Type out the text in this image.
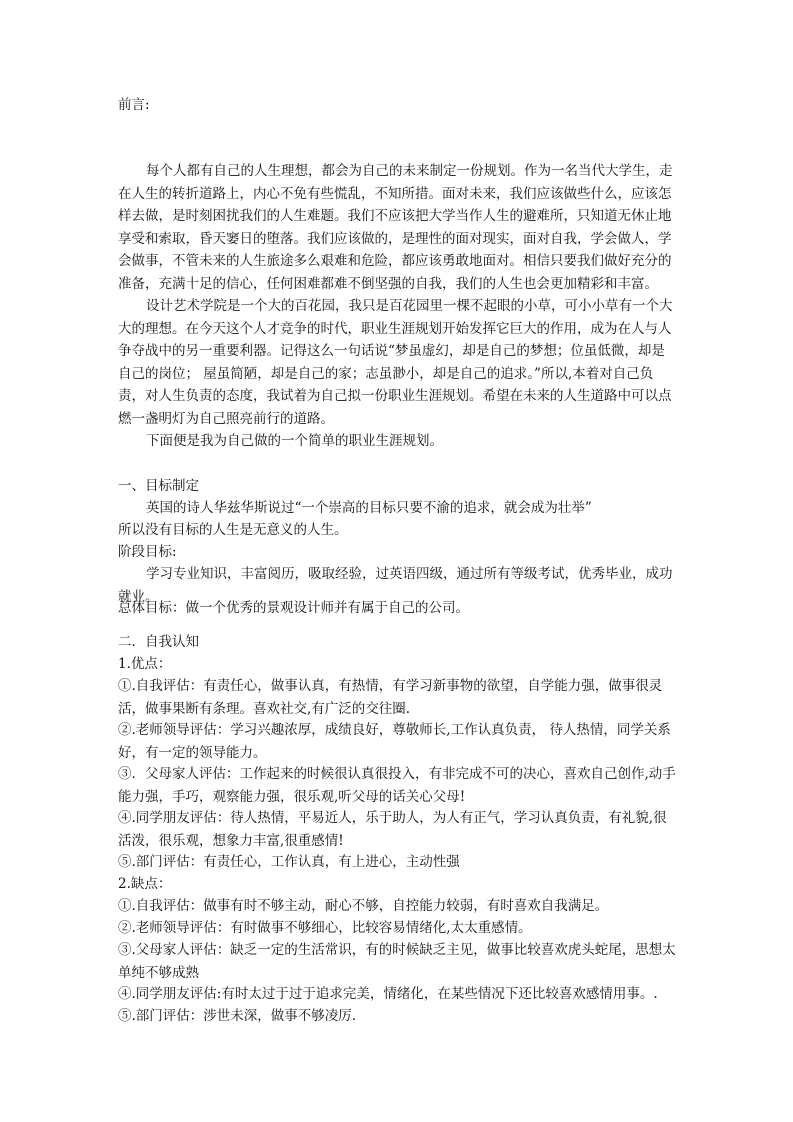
前言:

每个人都有自己的人生理想，都会为自己的未来制定一份规划。作为一名当代大学生，走在人生的转折道路上，内心不免有些慌乱，不知所措。面对未来，我们应该做些什么，应该怎样去做，是时刻困扰我们的人生难题。我们不应该把大学当作人生的避难所，只知道无休止地享受和索取，昏天窭日的堕落。我们应该做的，是理性的面对现实，面对自我，学会做人，学会做事，不管未来的人生旅途多么艰难和危险，都应该勇敢地面对。相信只要我们做好充分的准备，充满十足的信心，任何困难都难不倒坚强的自我，我们的人生也会更加精彩和丰富。

设计艺术学院是一个大的百花园，我只是百花园里一棵不起眼的小草，可小小草有一个大大的理想。在今天这个人才竞争的时代，职业生涯规划开始发挥它巨大的作用，成为在人与人争夺战中的另一重要利器。记得这么一句话说“梦虽虚幻，却是自己的梦想；位虽低微，却是自己的岗位； 屋虽简陋，却是自己的家；志虽渺小，却是自己的追求。”所以,本着对自己负责，对人生负责的态度，我试着为自己拟一份职业生涯规划。希望在未来的人生道路中可以点燃一盏明灯为自己照亮前行的道路。

下面便是我为自己做的一个简单的职业生涯规划。

一、目标制定

英国的诗人华兹华斯说过“一个崇高的目标只要不渝的追求，就会成为壮举”

所以没有目标的人生是无意义的人生。

阶段目标:

学习专业知识，丰富阅历，吸取经验，过英语四级，通过所有等级考试，优秀毕业，成功就业。

总体目标：做一个优秀的景观设计师并有属于自己的公司。

二．自我认知

1.优点：

①.自我评估：有责任心，做事认真，有热情，有学习新事物的欲望，自学能力强，做事很灵活，做事果断有条理。喜欢社交,有广泛的交往圈.

②.老师领导评估：学习兴趣浓厚，成绩良好，尊敬师长,工作认真负责， 待人热情，同学关系好，有一定的领导能力。

③．父母家人评估：工作起来的时候很认真很投入，有非完成不可的决心，喜欢自己创作,动手能力强，手巧，观察能力强，很乐观,听父母的话关心父母!

④.同学朋友评估：待人热情，平易近人，乐于助人，为人有正气，学习认真负责，有礼貌,很活泼，很乐观，想象力丰富,很重感情!

⑤.部门评估：有责任心，工作认真，有上进心，主动性强

2.缺点：

①.自我评估：做事有时不够主动，耐心不够，自控能力较弱，有时喜欢自我满足。

②.老师领导评估：有时做事不够细心，比较容易情绪化,太太重感情。

③.父母家人评估：缺乏一定的生活常识，有的时候缺乏主见，做事比较喜欢虎头蛇尾，思想太单纯不够成熟

④.同学朋友评估:有时太过于过于追求完美，情绪化，在某些情况下还比较喜欢感情用事。.

⑤.部门评估：涉世未深，做事不够凌厉.
